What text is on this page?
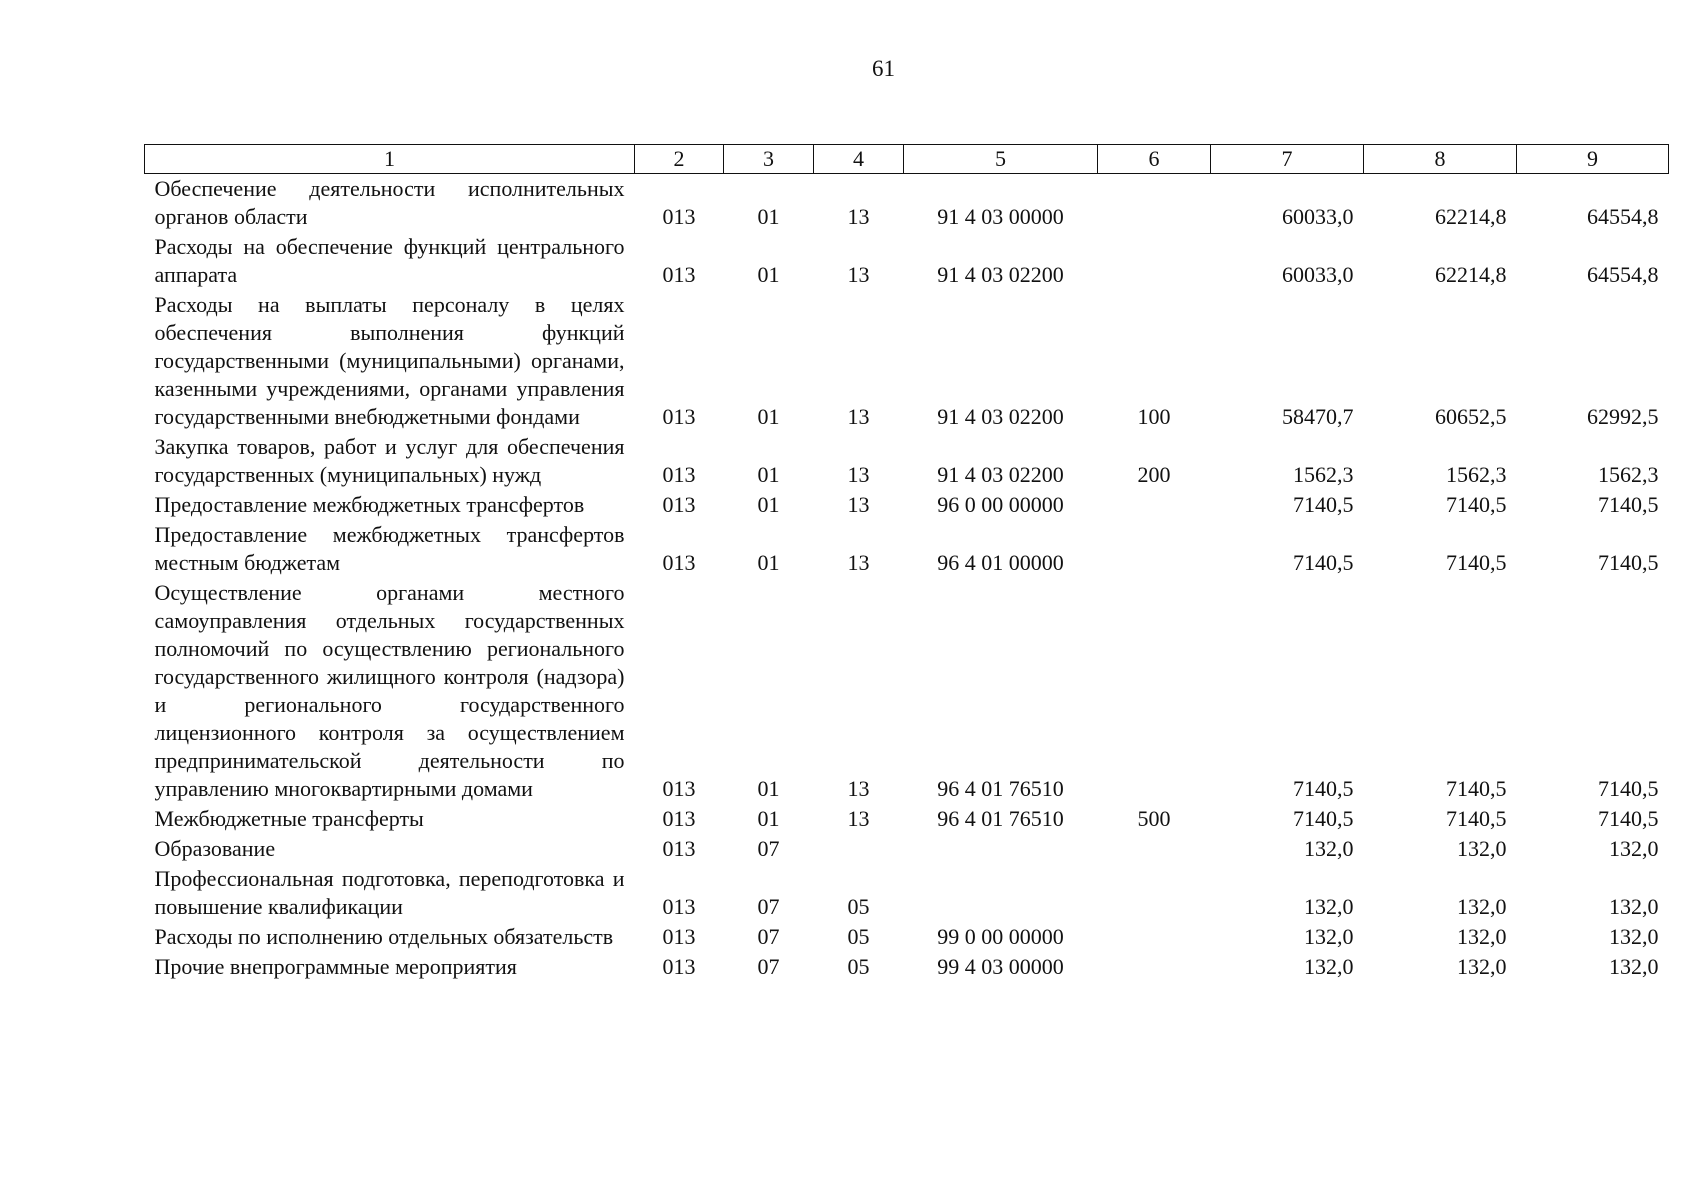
61
1	2	3	4	5	6	7	8	9
Обеспечение деятельности исполнительных органов области	013	01	13	91 4 03 00000		60033,0	62214,8	64554,8
Расходы на обеспечение функций центрального аппарата	013	01	13	91 4 03 02200		60033,0	62214,8	64554,8
Расходы на выплаты персоналу в целях обеспечения выполнения функций государственными (муниципальными) органами, казенными учреждениями, органами управления государственными внебюджетными фондами	013	01	13	91 4 03 02200	100	58470,7	60652,5	62992,5
Закупка товаров, работ и услуг для обеспечения государственных (муниципальных) нужд	013	01	13	91 4 03 02200	200	1562,3	1562,3	1562,3
Предоставление межбюджетных трансфертов	013	01	13	96 0 00 00000		7140,5	7140,5	7140,5
Предоставление межбюджетных трансфертов местным бюджетам	013	01	13	96 4 01 00000		7140,5	7140,5	7140,5
Осуществление органами местного самоуправления отдельных государственных полномочий по осуществлению регионального государственного жилищного контроля (надзора) и регионального государственного лицензионного контроля за осуществлением предпринимательской деятельности по управлению многоквартирными домами	013	01	13	96 4 01 76510		7140,5	7140,5	7140,5
Межбюджетные трансферты	013	01	13	96 4 01 76510	500	7140,5	7140,5	7140,5
Образование	013	07				132,0	132,0	132,0
Профессиональная подготовка, переподготовка и повышение квалификации	013	07	05			132,0	132,0	132,0
Расходы по исполнению отдельных обязательств	013	07	05	99 0 00 00000		132,0	132,0	132,0
Прочие внепрограммные мероприятия	013	07	05	99 4 03 00000		132,0	132,0	132,0
